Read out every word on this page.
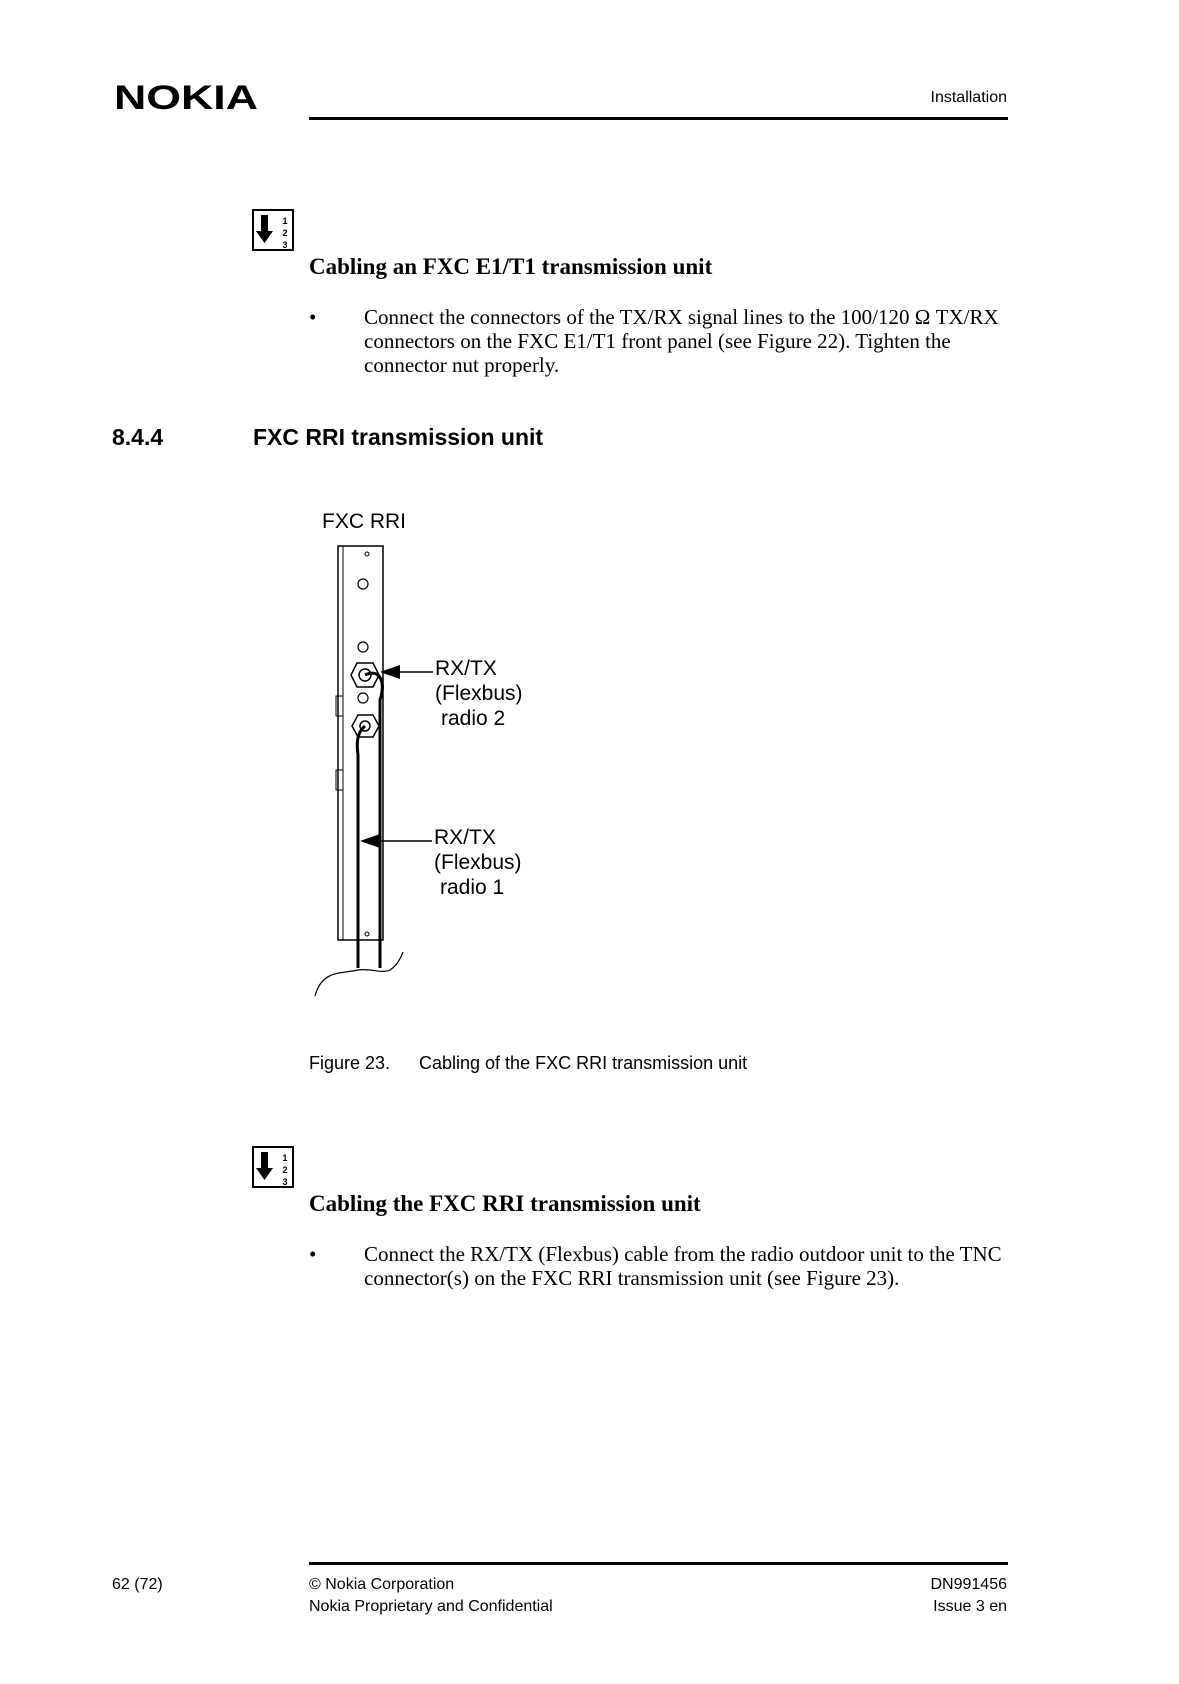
NOKIA	Installation
1
2
3
Cabling an FXC E1/T1 transmission unit
• Connect the connectors of the TX/RX signal lines to the 100/120 Ω TX/RX connectors on the FXC E1/T1 front panel (see Figure 22). Tighten the connector nut properly.
8.4.4	FXC RRI transmission unit
FXC RRI
RX/TX
(Flexbus)
radio 2
RX/TX
(Flexbus)
radio 1
Figure 23. Cabling of the FXC RRI transmission unit
1
2
3
Cabling the FXC RRI transmission unit
• Connect the RX/TX (Flexbus) cable from the radio outdoor unit to the TNC connector(s) on the FXC RRI transmission unit (see Figure 23).
62 (72)	© Nokia Corporation
Nokia Proprietary and Confidential
DN991456
Issue 3 en
